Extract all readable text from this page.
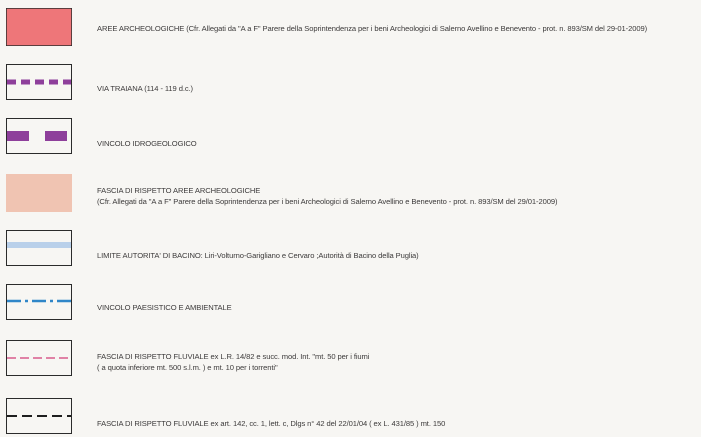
AREE ARCHEOLOGICHE (Cfr. Allegati da "A a F" Parere della Soprintendenza per i beni Archeologici di Salerno Avellino e Benevento - prot. n. 893/SM del 29-01-2009)
VIA TRAIANA (114 - 119 d.c.)
VINCOLO IDROGEOLOGICO
FASCIA DI RISPETTO AREE ARCHEOLOGICHE
(Cfr. Allegati da "A a F" Parere della Soprintendenza per i beni Archeologici di Salerno Avellino e Benevento - prot. n. 893/SM del 29/01-2009)
LIMITE AUTORITA' DI BACINO: Liri-Volturno-Garigliano e Cervaro ;Autorità di Bacino della Puglia)
VINCOLO PAESISTICO E AMBIENTALE
FASCIA DI RISPETTO FLUVIALE ex L.R. 14/82 e succ. mod. Int. "mt. 50 per i fiumi
( a quota inferiore mt. 500 s.l.m. ) e mt. 10 per i torrenti"
FASCIA DI RISPETTO FLUVIALE ex art. 142, cc. 1, lett. c, Dlgs n° 42 del 22/01/04 ( ex L. 431/85 ) mt. 150
